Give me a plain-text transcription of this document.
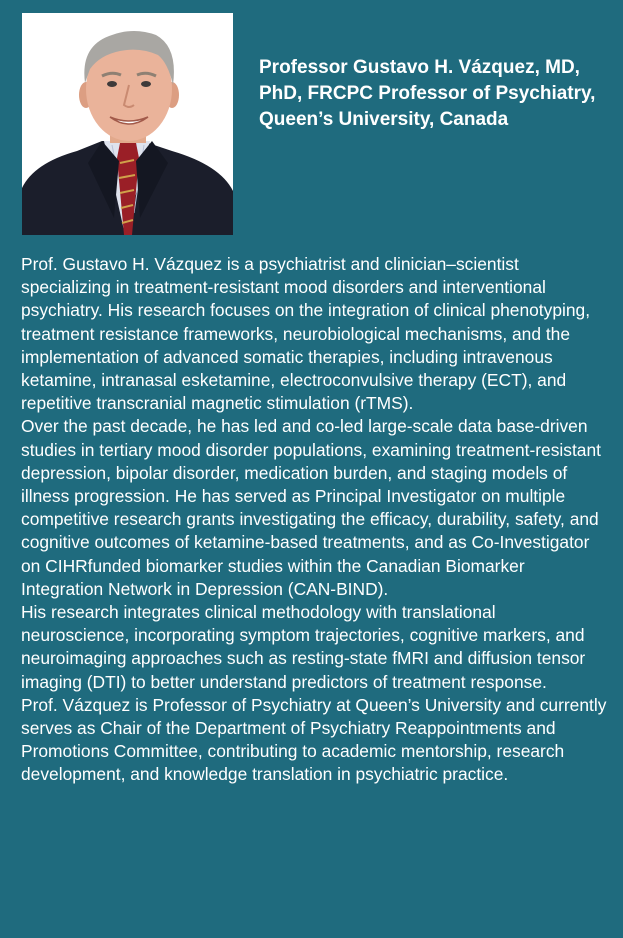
Professor Gustavo H. Vázquez, MD, PhD, FRCPC Professor of Psychiatry, Queen’s University, Canada

Prof. Gustavo H. Vázquez is a psychiatrist and clinician–scientist specializing in treatment-resistant mood disorders and interventional psychiatry. His research focuses on the integration of clinical phenotyping, treatment resistance frameworks, neurobiological mechanisms, and the implementation of advanced somatic therapies, including intravenous ketamine, intranasal esketamine, electroconvulsive therapy (ECT), and repetitive transcranial magnetic stimulation (rTMS).

Over the past decade, he has led and co-led large-scale data base-driven studies in tertiary mood disorder populations, examining treatment-resistant depression, bipolar disorder, medication burden, and staging models of illness progression. He has served as Principal Investigator on multiple competitive research grants investigating the efficacy, durability, safety, and cognitive outcomes of ketamine-based treatments, and as Co-Investigator on CIHRfunded biomarker studies within the Canadian Biomarker Integration Network in Depression (CAN-BIND).

His research integrates clinical methodology with translational neuroscience, incorporating symptom trajectories, cognitive markers, and neuroimaging approaches such as resting-state fMRI and diffusion tensor imaging (DTI) to better understand predictors of treatment response.

Prof. Vázquez is Professor of Psychiatry at Queen’s University and currently serves as Chair of the Department of Psychiatry Reappointments and Promotions Committee, contributing to academic mentorship, research development, and knowledge translation in psychiatric practice.
